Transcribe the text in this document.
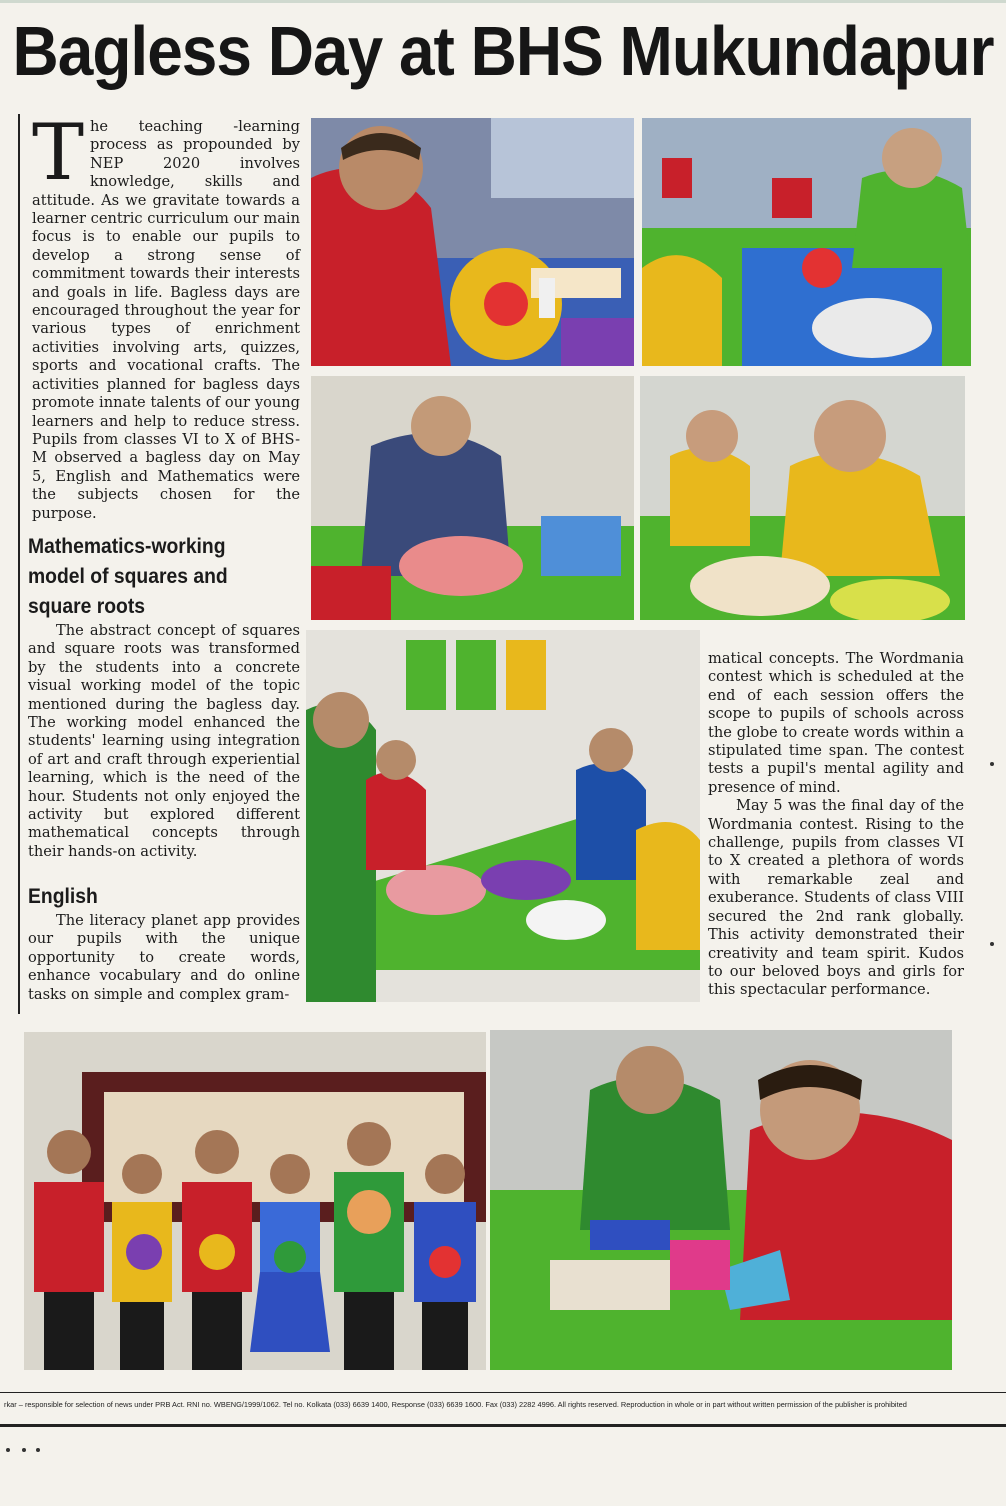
Bagless Day at BHS Mukundapur

T he teaching -learning process as propounded by NEP 2020 involves knowledge, skills and attitude. As we gravitate towards a learner centric curriculum our main focus is to enable our pupils to develop a strong sense of commitment towards their interests and goals in life. Bagless days are encouraged throughout the year for various types of enrichment activities involving arts, quizzes, sports and vocational crafts. The activities planned for bagless days promote innate talents of our young learners and help to reduce stress. Pupils from classes VI to X of BHS-M observed a bagless day on May 5, English and Mathematics were the subjects chosen for the purpose.

Mathematics-working model of squares and square roots

The abstract concept of squares and square roots was transformed by the students into a concrete visual working model of the topic mentioned during the bagless day. The working model enhanced the students' learning using integration of art and craft through experiential learning, which is the need of the hour. Students not only enjoyed the activity but explored different mathematical concepts through their hands-on activity.

English

The literacy planet app provides our pupils with the unique opportunity to create words, enhance vocabulary and do online tasks on simple and complex gram-

matical concepts. The Wordmania contest which is scheduled at the end of each session offers the scope to pupils of schools across the globe to create words within a stipulated time span. The contest tests a pupil's mental agility and presence of mind.

May 5 was the final day of the Wordmania contest. Rising to the challenge, pupils from classes VI to X created a plethora of words with remarkable zeal and exuberance. Students of class VIII secured the 2nd rank globally. This activity demonstrated their creativity and team spirit. Kudos to our beloved boys and girls for this spectacular performance.

rkar – responsible for selection of news under PRB Act. RNI no. WBENG/1999/1062. Tel no. Kolkata (033) 6639 1400, Response (033) 6639 1600. Fax (033) 2282 4996. All rights reserved. Reproduction in whole or in part without written permission of the publisher is prohibited
